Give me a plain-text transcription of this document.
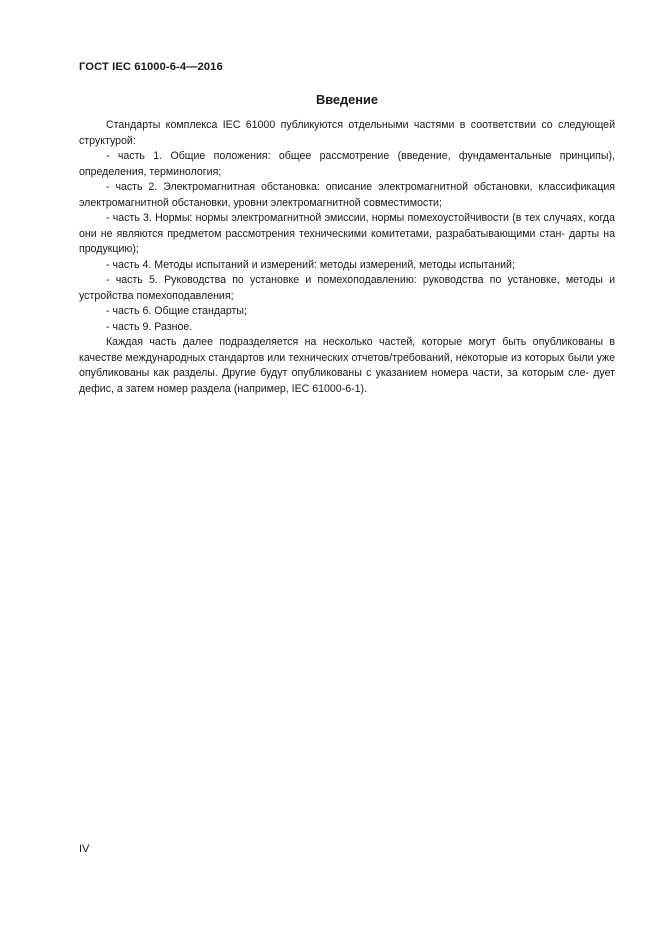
ГОСТ IEC 61000-6-4—2016
Введение

Стандарты комплекса IEC 61000 публикуются отдельными частями в соответствии со следующей структурой:

- часть 1. Общие положения: общее рассмотрение (введение, фундаментальные принципы), определения, терминология;

- часть 2. Электромагнитная обстановка: описание электромагнитной обстановки, классификация электромагнитной обстановки, уровни электромагнитной совместимости;

- часть 3. Нормы: нормы электромагнитной эмиссии, нормы помехоустойчивости (в тех случаях, когда они не являются предметом рассмотрения техническими комитетами, разрабатывающими стан- дарты на продукцию);

- часть 4. Методы испытаний и измерений: методы измерений, методы испытаний;

- часть 5. Руководства по установке и помехоподавлению: руководства по установке, методы и устройства помехоподавления;

- часть 6. Общие стандарты;

- часть 9. Разное.

Каждая часть далее подразделяется на несколько частей, которые могут быть опубликованы в качестве международных стандартов или технических отчетов/требований, некоторые из которых были уже опубликованы как разделы. Другие будут опубликованы с указанием номера части, за которым сле- дует дефис, а затем номер раздела (например, IEC 61000-6-1).

IV
